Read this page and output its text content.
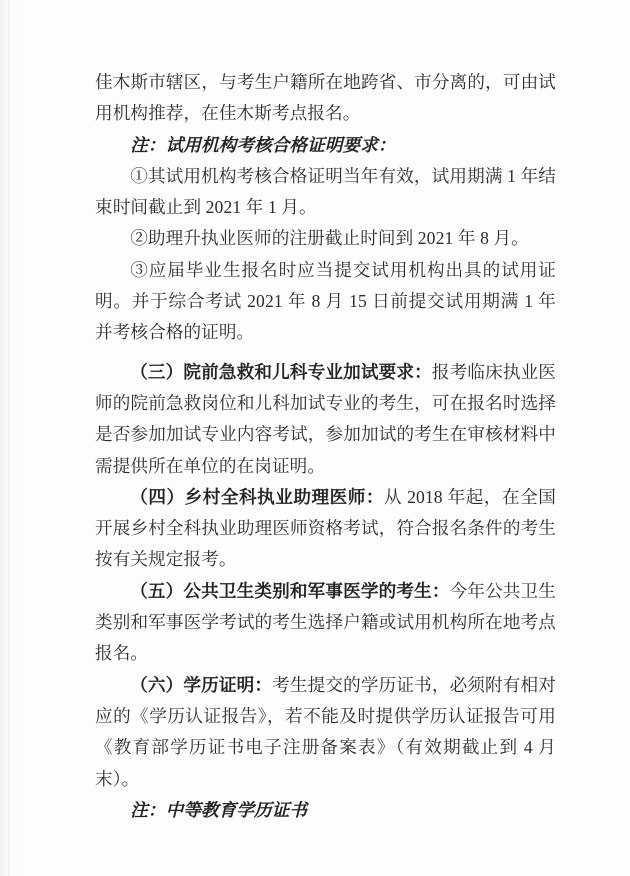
佳木斯市辖区，与考生户籍所在地跨省、市分离的，可由试用机构推荐，在佳木斯考点报名。

注：试用机构考核合格证明要求：

①其试用机构考核合格证明当年有效，试用期满 1 年结束时间截止到 2021 年 1 月。

②助理升执业医师的注册截止时间到 2021 年 8 月。

③应届毕业生报名时应当提交试用机构出具的试用证明。并于综合考试 2021 年 8 月 15 日前提交试用期满 1 年并考核合格的证明。

（三）院前急救和儿科专业加试要求：报考临床执业医师的院前急救岗位和儿科加试专业的考生，可在报名时选择是否参加加试专业内容考试，参加加试的考生在审核材料中需提供所在单位的在岗证明。

（四）乡村全科执业助理医师：从 2018 年起，在全国开展乡村全科执业助理医师资格考试，符合报名条件的考生按有关规定报考。

（五）公共卫生类别和军事医学的考生：今年公共卫生类别和军事医学考试的考生选择户籍或试用机构所在地考点报名。

（六）学历证明：考生提交的学历证书，必须附有相对应的《学历认证报告》，若不能及时提供学历认证报告可用《教育部学历证书电子注册备案表》（有效期截止到 4 月末）。

注：中等教育学历证书
